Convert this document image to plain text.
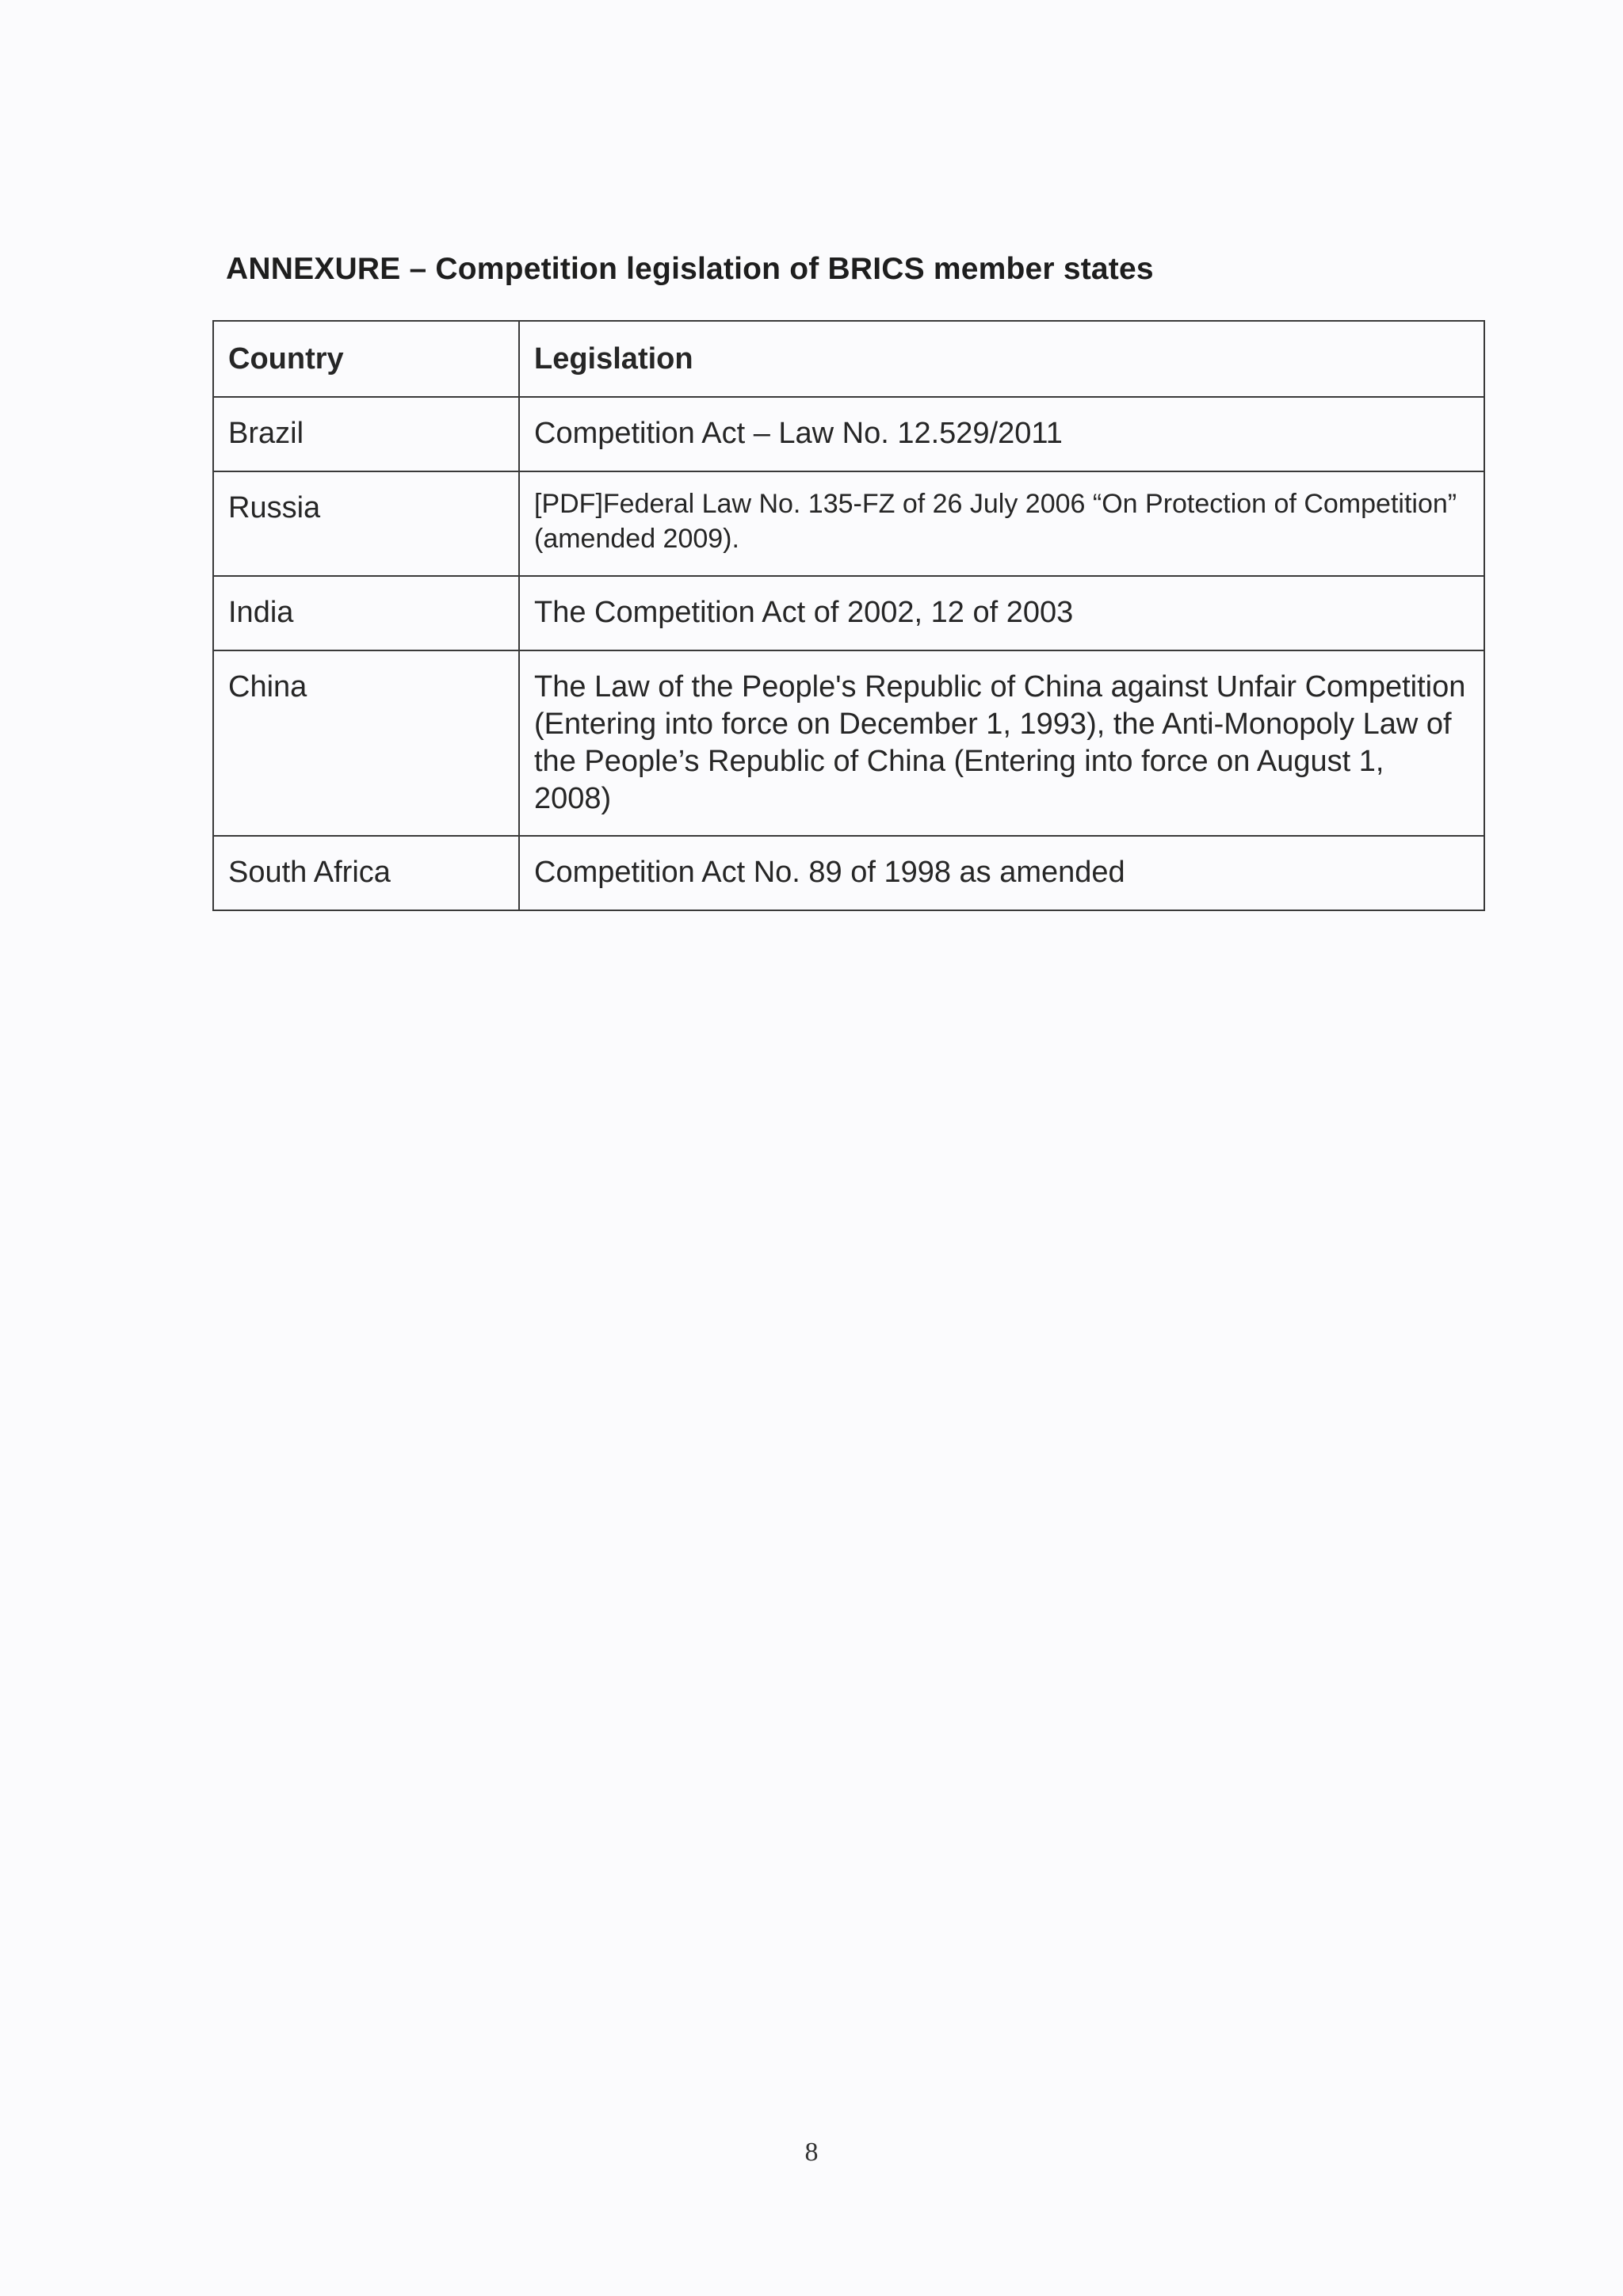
ANNEXURE – Competition legislation of BRICS member states
Country	Legislation
Brazil	Competition Act – Law No. 12.529/2011
Russia	[PDF]Federal Law No. 135-FZ of 26 July 2006 “On Protection of Competition” (amended 2009).
India	The Competition Act of 2002, 12 of 2003
China	The Law of the People's Republic of China against Unfair Competition (Entering into force on December 1, 1993), the Anti-Monopoly Law of the People’s Republic of China (Entering into force on August 1, 2008)
South Africa	Competition Act No. 89 of 1998 as amended
8
